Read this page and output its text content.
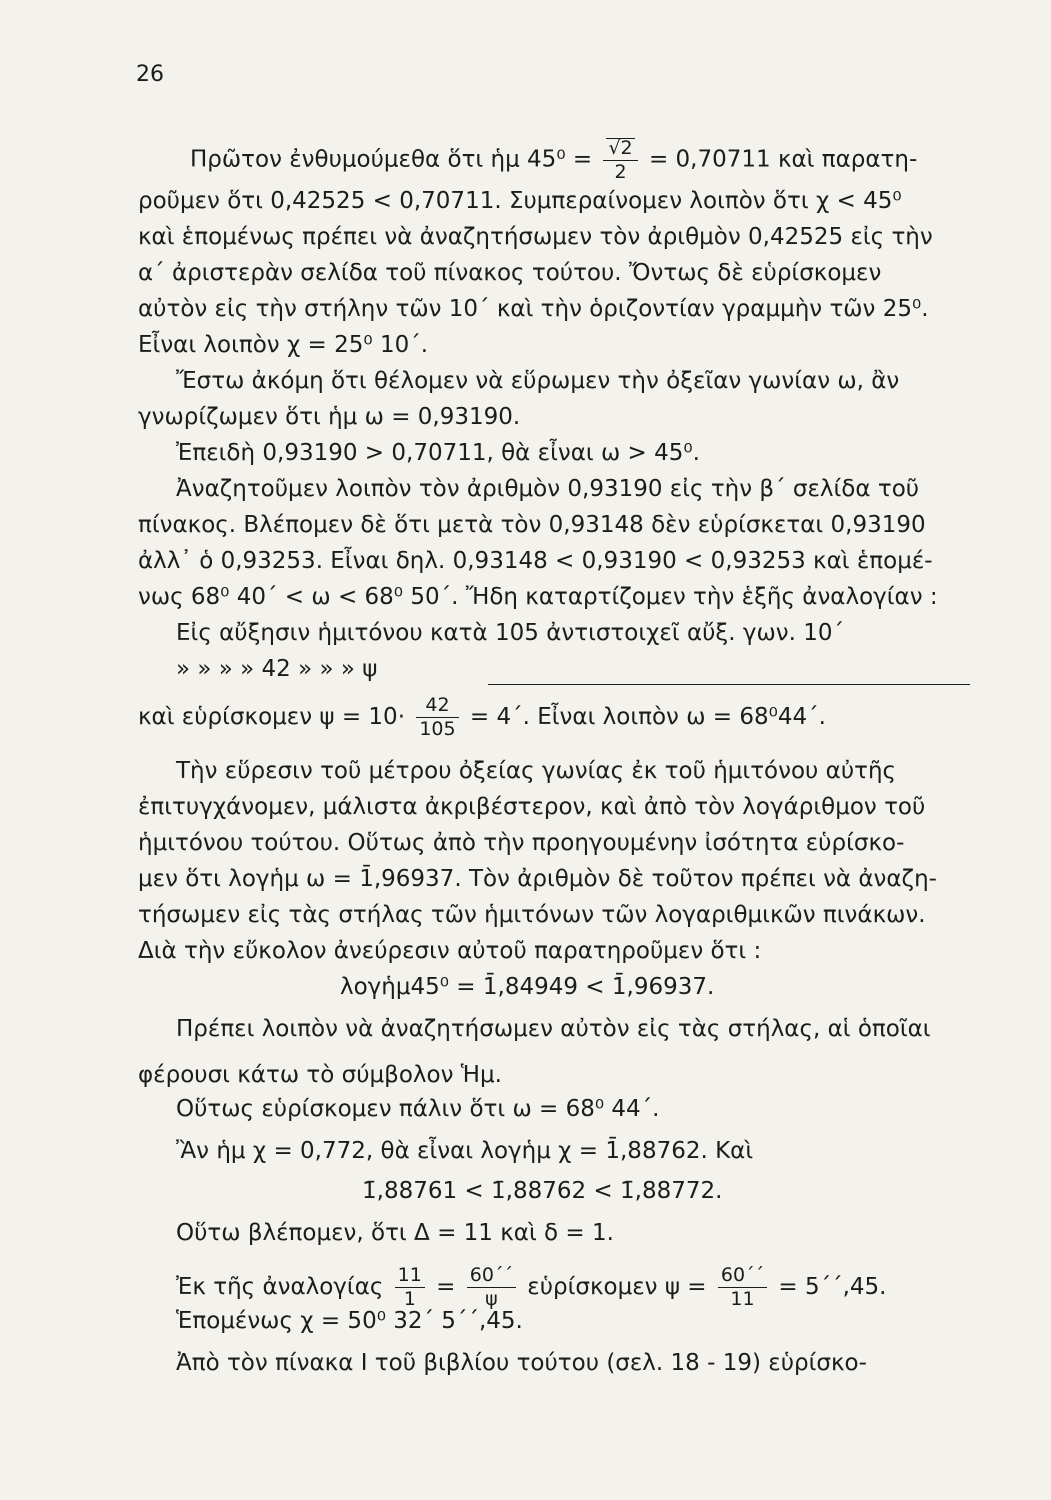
26
Πρῶτον ἐνθυμούμεθα ὅτι ἡμ $45^0 = \frac{√2}{2} = 0,70711$ καὶ παρατη-
ροῦμεν ὅτι 0,42525 < 0,70711. Συμπεραίνομεν λοιπὸν ὅτι χ < 45⁰
καὶ ἑπομένως πρέπει νὰ ἀναζητήσωμεν τὸν ἀριθμὸν 0,42525 εἰς τὴν
α΄ ἀριστερὰν σελίδα τοῦ πίνακος τούτου. Ὄντως δὲ εὑρίσκομεν
αὐτὸν εἰς τὴν στήλην τῶν 10΄ καὶ τὴν ὁριζοντίαν γραμμὴν τῶν 25⁰.
Εἶναι λοιπὸν χ = 25⁰ 10΄.
Ἔστω ἀκόμη ὅτι θέλομεν νὰ εὕρωμεν τὴν ὀξεῖαν γωνίαν ω, ἂν
γνωρίζωμεν ὅτι ἡμ ω = 0,93190.
Ἐπειδὴ 0,93190 > 0,70711, θὰ εἶναι ω > 45⁰.
Ἀναζητοῦμεν λοιπὸν τὸν ἀριθμὸν 0,93190 εἰς τὴν β΄ σελίδα τοῦ
πίνακος. Βλέπομεν δὲ ὅτι μετὰ τὸν 0,93148 δὲν εὑρίσκεται 0,93190
ἀλλ᾽ ὁ 0,93253. Εἶναι δηλ. 0,93148 < 0,93190 < 0,93253 καὶ ἑπομέ-
νως 68⁰ 40΄ < ω < 68⁰ 50΄. Ἤδη καταρτίζομεν τὴν ἑξῆς ἀναλογίαν :
Εἰς αὔξησιν ἡμιτόνου κατὰ 105 ἀντιστοιχεῖ αὔξ. γων. 10΄
» » » » 42 » » » ψ
καὶ εὑρίσκομεν $\psi = 10\cdot \frac{42}{105} = 4΄$. Εἶναι λοιπὸν ω = 68⁰44΄.
Τὴν εὕρεσιν τοῦ μέτρου ὀξείας γωνίας ἐκ τοῦ ἡμιτόνου αὐτῆς
ἐπιτυγχάνομεν, μάλιστα ἀκριβέστερον, καὶ ἀπὸ τὸν λογάριθμον τοῦ
ἡμιτόνου τούτου. Οὕτως ἀπὸ τὴν προηγουμένην ἰσότητα εὑρίσκο-
μεν ὅτι λογἡμ ω = 1̄,96937. Τὸν ἀριθμὸν δὲ τοῦτον πρέπει νὰ ἀναζη-
τήσωμεν εἰς τὰς στήλας τῶν ἡμιτόνων τῶν λογαριθμικῶν πινάκων.
Διὰ τὴν εὔκολον ἀνεύρεσιν αὐτοῦ παρατηροῦμεν ὅτι :
λογἡμ45⁰ = 1̄,84949 < 1̄,96937.
Πρέπει λοιπὸν νὰ ἀναζητήσωμεν αὐτὸν εἰς τὰς στήλας, αἱ ὁποῖαι
φέρουσι κάτω τὸ σύμβολον Ἡμ.
Οὕτως εὑρίσκομεν πάλιν ὅτι ω = 68⁰ 44΄.
Ἂν ἡμ χ = 0,772, θὰ εἶναι λογἡμ χ = 1̄,88762. Καὶ
1̄,88761 < 1̄,88762 < 1̄,88772.
Οὕτω βλέπομεν, ὅτι Δ = 11 καὶ δ = 1.
Ἐκ τῆς ἀναλογίας $\frac{11}{1} = \frac{60΄΄}{\psi}$ εὑρίσκομεν $\psi = \frac{60΄΄}{11} = 5΄΄,45$.
Ἑπομένως χ = 50⁰ 32΄ 5΄΄,45.
Ἀπὸ τὸν πίνακα Ι τοῦ βιβλίου τούτου (σελ. 18 - 19) εὑρίσκο-
